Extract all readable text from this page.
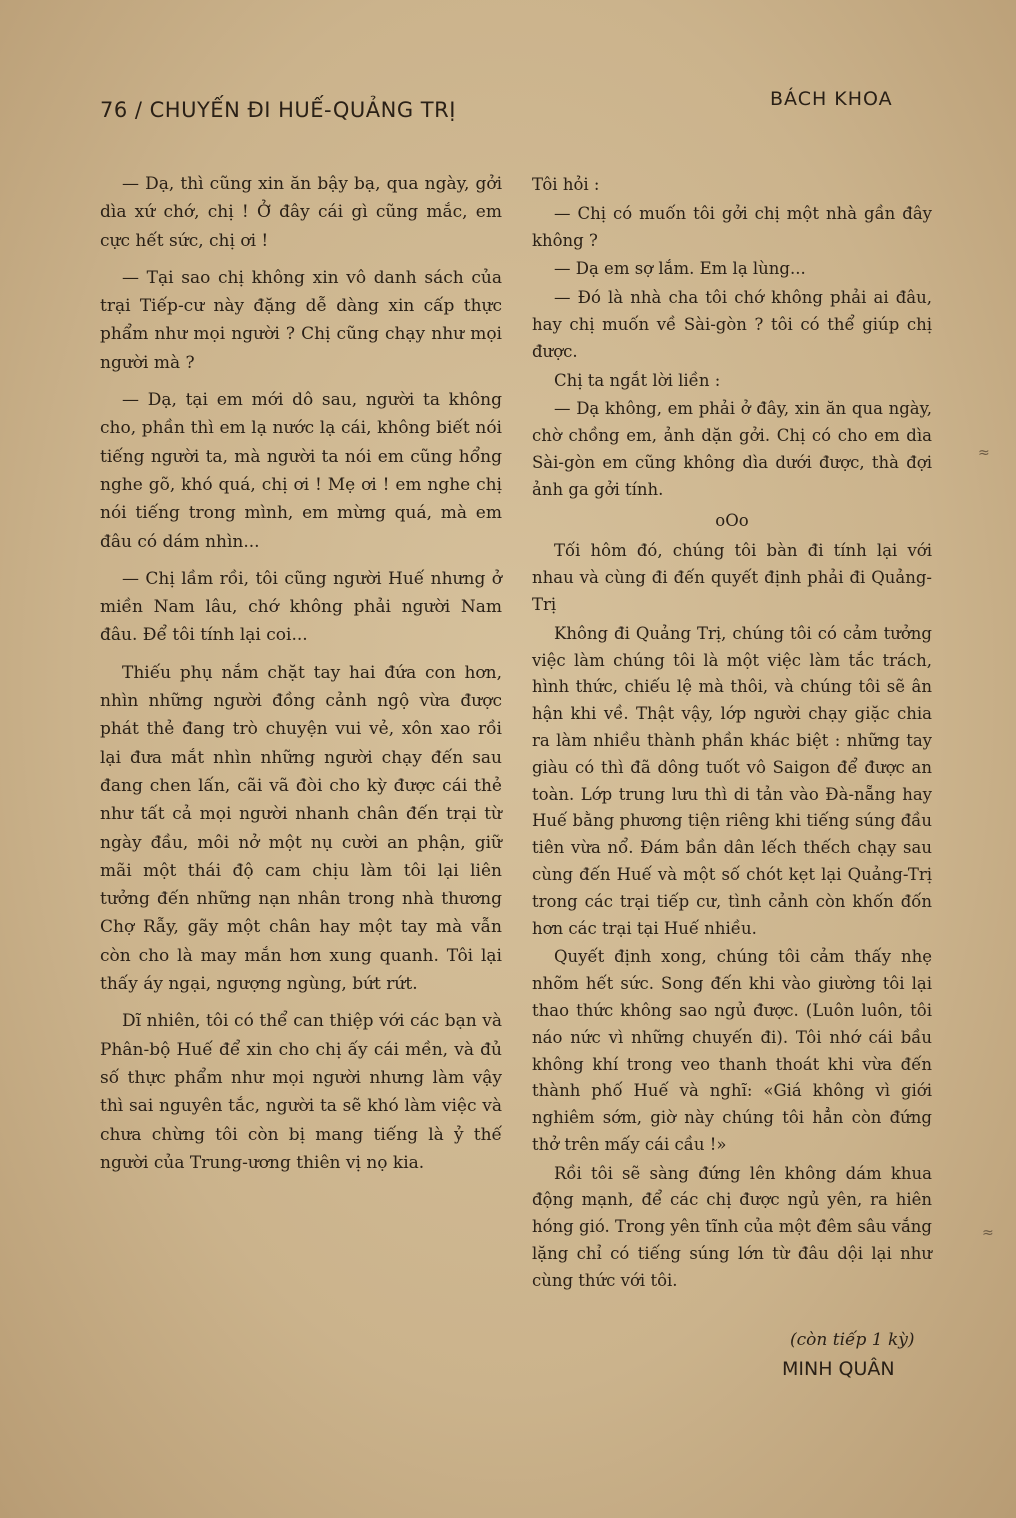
76 / CHUYẾN ĐI HUẾ-QUẢNG TRỊ	BÁCH KHOA

— Dạ, thì cũng xin ăn bậy bạ, qua ngày, gởi dìa xứ chớ, chị ! Ở đây cái gì cũng mắc, em cực hết sức, chị ơi !

— Tại sao chị không xin vô danh sách của trại Tiếp-cư này đặng dễ dàng xin cấp thực phẩm như mọi người ? Chị cũng chạy như mọi người mà ?

— Dạ, tại em mới dô sau, người ta không cho, phần thì em lạ nước lạ cái, không biết nói tiếng người ta, mà người ta nói em cũng hổng nghe gõ, khó quá, chị ơi ! Mẹ ơi ! em nghe chị nói tiếng trong mình, em mừng quá, mà em đâu có dám nhìn...

— Chị lầm rồi, tôi cũng người Huế nhưng ở miền Nam lâu, chớ không phải người Nam đâu. Để tôi tính lại coi...

Thiếu phụ nắm chặt tay hai đứa con hơn, nhìn những người đồng cảnh ngộ vừa được phát thẻ đang trò chuyện vui vẻ, xôn xao rồi lại đưa mắt nhìn những người chạy đến sau đang chen lấn, cãi vã đòi cho kỳ được cái thẻ như tất cả mọi người nhanh chân đến trại từ ngày đầu, môi nở một nụ cười an phận, giữ mãi một thái độ cam chịu làm tôi lại liên tưởng đến những nạn nhân trong nhà thương Chợ Rẫy, gãy một chân hay một tay mà vẫn còn cho là may mắn hơn xung quanh. Tôi lại thấy áy ngại, ngượng ngùng, bứt rứt.

Dĩ nhiên, tôi có thể can thiệp với các bạn và Phân-bộ Huế để xin cho chị ấy cái mền, và đủ số thực phẩm như mọi người nhưng làm vậy thì sai nguyên tắc, người ta sẽ khó làm việc và chưa chừng tôi còn bị mang tiếng là ỷ thế người của Trung-ương thiên vị nọ kia.

Tôi hỏi :

— Chị có muốn tôi gởi chị một nhà gần đây không ?

— Dạ em sợ lắm. Em lạ lùng...

— Đó là nhà cha tôi chớ không phải ai đâu, hay chị muốn về Sài-gòn ? tôi có thể giúp chị được.

Chị ta ngắt lời liền :

— Dạ không, em phải ở đây, xin ăn qua ngày, chờ chồng em, ảnh dặn gởi. Chị có cho em dìa Sài-gòn em cũng không dìa dưới được, thà đợi ảnh ga gởi tính.

oOo

Tối hôm đó, chúng tôi bàn đi tính lại với nhau và cùng đi đến quyết định phải đi Quảng-Trị

Không đi Quảng Trị, chúng tôi có cảm tưởng việc làm chúng tôi là một việc làm tắc trách, hình thức, chiếu lệ mà thôi, và chúng tôi sẽ ân hận khi về. Thật vậy, lớp người chạy giặc chia ra làm nhiều thành phần khác biệt : những tay giàu có thì đã dông tuốt vô Saigon để được an toàn. Lớp trung lưu thì di tản vào Đà-nẵng hay Huế bằng phương tiện riêng khi tiếng súng đầu tiên vừa nổ. Đám bần dân lếch thếch chạy sau cùng đến Huế và một số chót kẹt lại Quảng-Trị trong các trại tiếp cư, tình cảnh còn khốn đốn hơn các trại tại Huế nhiều.

Quyết định xong, chúng tôi cảm thấy nhẹ nhõm hết sức. Song đến khi vào giường tôi lại thao thức không sao ngủ được. (Luôn luôn, tôi náo nức vì những chuyến đi). Tôi nhớ cái bầu không khí trong veo thanh thoát khi vừa đến thành phố Huế và nghĩ: «Giá không vì giới nghiêm sớm, giờ này chúng tôi hẳn còn đứng thở trên mấy cái cầu !»

Rồi tôi sẽ sàng đứng lên không dám khua động mạnh, để các chị được ngủ yên, ra hiên hóng gió. Trong yên tĩnh của một đêm sâu vắng lặng chỉ có tiếng súng lớn từ đâu dội lại như cùng thức với tôi.

(còn tiếp 1 kỳ)
MINH QUÂN
≈
≈
